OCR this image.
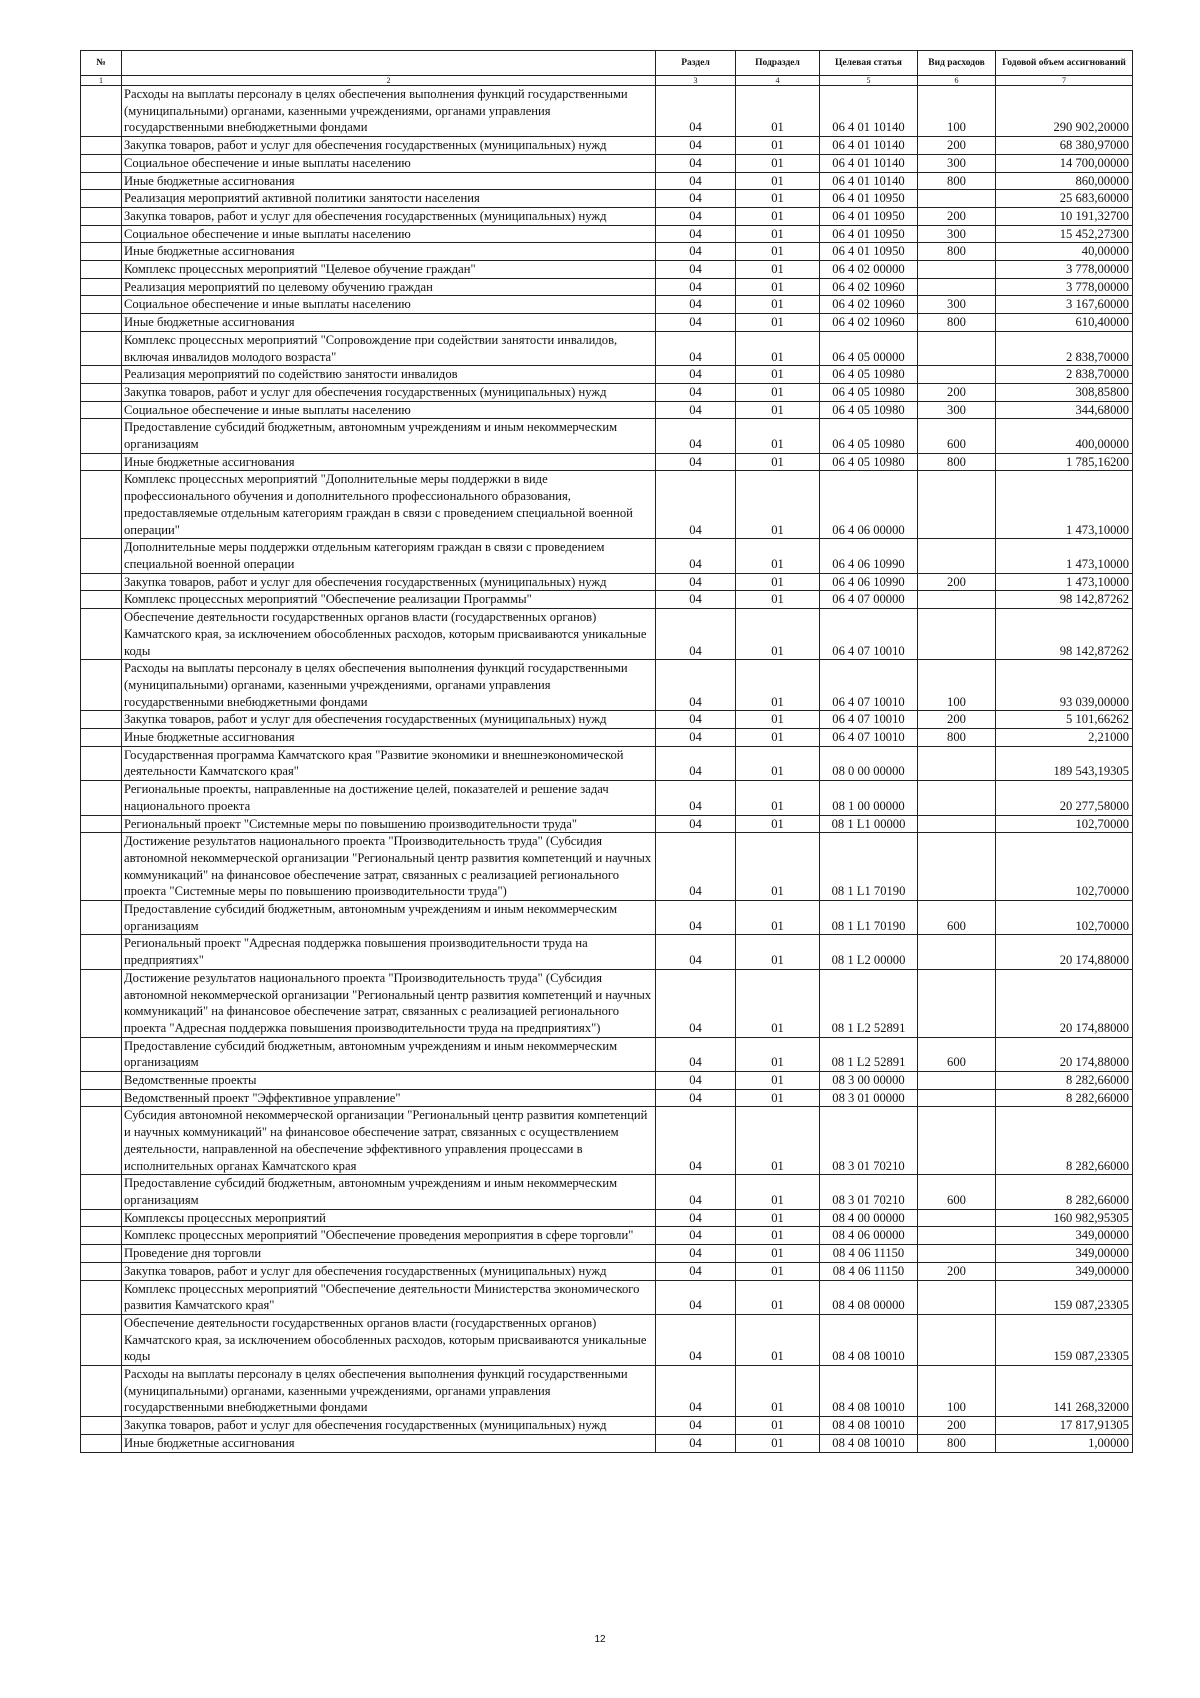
№		Раздел	Подраздел	Целевая статья	Вид расходов	Годовой объем ассигнований
1	2	3	4	5	6	7
	Расходы на выплаты персоналу в целях обеспечения выполнения функций государственными (муниципальными) органами, казенными учреждениями, органами управления государственными внебюджетными фондами	04	01	06 4 01 10140	100	290 902,20000
	Закупка товаров, работ и услуг для обеспечения государственных (муниципальных) нужд	04	01	06 4 01 10140	200	68 380,97000
	Социальное обеспечение и иные выплаты населению	04	01	06 4 01 10140	300	14 700,00000
	Иные бюджетные ассигнования	04	01	06 4 01 10140	800	860,00000
	Реализация мероприятий активной политики занятости населения	04	01	06 4 01 10950		25 683,60000
	Закупка товаров, работ и услуг для обеспечения государственных (муниципальных) нужд	04	01	06 4 01 10950	200	10 191,32700
	Социальное обеспечение и иные выплаты населению	04	01	06 4 01 10950	300	15 452,27300
	Иные бюджетные ассигнования	04	01	06 4 01 10950	800	40,00000
	Комплекс процессных мероприятий "Целевое обучение граждан"	04	01	06 4 02 00000		3 778,00000
	Реализация мероприятий по целевому обучению граждан	04	01	06 4 02 10960		3 778,00000
	Социальное обеспечение и иные выплаты населению	04	01	06 4 02 10960	300	3 167,60000
	Иные бюджетные ассигнования	04	01	06 4 02 10960	800	610,40000
	Комплекс процессных мероприятий "Сопровождение при содействии занятости инвалидов, включая инвалидов молодого возраста"	04	01	06 4 05 00000		2 838,70000
	Реализация мероприятий по содействию занятости инвалидов	04	01	06 4 05 10980		2 838,70000
	Закупка товаров, работ и услуг для обеспечения государственных (муниципальных) нужд	04	01	06 4 05 10980	200	308,85800
	Социальное обеспечение и иные выплаты населению	04	01	06 4 05 10980	300	344,68000
	Предоставление субсидий бюджетным, автономным учреждениям и иным некоммерческим организациям	04	01	06 4 05 10980	600	400,00000
	Иные бюджетные ассигнования	04	01	06 4 05 10980	800	1 785,16200
	Комплекс процессных мероприятий "Дополнительные меры поддержки в виде профессионального обучения и дополнительного профессионального образования, предоставляемые отдельным категориям граждан в связи с проведением специальной военной операции"	04	01	06 4 06 00000		1 473,10000
	Дополнительные меры поддержки отдельным категориям граждан в связи с проведением специальной военной операции	04	01	06 4 06 10990		1 473,10000
	Закупка товаров, работ и услуг для обеспечения государственных (муниципальных) нужд	04	01	06 4 06 10990	200	1 473,10000
	Комплекс процессных мероприятий "Обеспечение реализации Программы"	04	01	06 4 07 00000		98 142,87262
	Обеспечение деятельности государственных органов власти (государственных органов) Камчатского края, за исключением обособленных расходов, которым присваиваются уникальные коды	04	01	06 4 07 10010		98 142,87262
	Расходы на выплаты персоналу в целях обеспечения выполнения функций государственными (муниципальными) органами, казенными учреждениями, органами управления государственными внебюджетными фондами	04	01	06 4 07 10010	100	93 039,00000
	Закупка товаров, работ и услуг для обеспечения государственных (муниципальных) нужд	04	01	06 4 07 10010	200	5 101,66262
	Иные бюджетные ассигнования	04	01	06 4 07 10010	800	2,21000
	Государственная программа Камчатского края "Развитие экономики и внешнеэкономической деятельности Камчатского края"	04	01	08 0 00 00000		189 543,19305
	Региональные проекты, направленные на достижение целей, показателей и решение задач национального проекта	04	01	08 1 00 00000		20 277,58000
	Региональный проект "Системные меры по повышению производительности труда"	04	01	08 1 L1 00000		102,70000
	Достижение результатов национального проекта "Производительность труда" (Субсидия автономной некоммерческой организации "Региональный центр развития компетенций и научных коммуникаций" на финансовое обеспечение затрат, связанных с реализацией регионального проекта "Системные меры по повышению производительности труда")	04	01	08 1 L1 70190		102,70000
	Предоставление субсидий бюджетным, автономным учреждениям и иным некоммерческим организациям	04	01	08 1 L1 70190	600	102,70000
	Региональный проект "Адресная поддержка повышения производительности труда на предприятиях"	04	01	08 1 L2 00000		20 174,88000
	Достижение результатов национального проекта "Производительность труда" (Субсидия автономной некоммерческой организации "Региональный центр развития компетенций и научных коммуникаций" на финансовое обеспечение затрат, связанных с реализацией регионального проекта "Адресная поддержка повышения производительности труда на предприятиях")	04	01	08 1 L2 52891		20 174,88000
	Предоставление субсидий бюджетным, автономным учреждениям и иным некоммерческим организациям	04	01	08 1 L2 52891	600	20 174,88000
	Ведомственные проекты	04	01	08 3 00 00000		8 282,66000
	Ведомственный проект "Эффективное управление"	04	01	08 3 01 00000		8 282,66000
	Субсидия автономной некоммерческой организации "Региональный центр развития компетенций и научных коммуникаций" на финансовое обеспечение затрат, связанных с осуществлением деятельности, направленной на обеспечение эффективного управления процессами в исполнительных органах Камчатского края	04	01	08 3 01 70210		8 282,66000
	Предоставление субсидий бюджетным, автономным учреждениям и иным некоммерческим организациям	04	01	08 3 01 70210	600	8 282,66000
	Комплексы процессных мероприятий	04	01	08 4 00 00000		160 982,95305
	Комплекс процессных мероприятий "Обеспечение проведения мероприятия в сфере торговли"	04	01	08 4 06 00000		349,00000
	Проведение дня торговли	04	01	08 4 06 11150		349,00000
	Закупка товаров, работ и услуг для обеспечения государственных (муниципальных) нужд	04	01	08 4 06 11150	200	349,00000
	Комплекс процессных мероприятий "Обеспечение деятельности Министерства экономического развития Камчатского края"	04	01	08 4 08 00000		159 087,23305
	Обеспечение деятельности государственных органов власти (государственных органов) Камчатского края, за исключением обособленных расходов, которым присваиваются уникальные коды	04	01	08 4 08 10010		159 087,23305
	Расходы на выплаты персоналу в целях обеспечения выполнения функций государственными (муниципальными) органами, казенными учреждениями, органами управления государственными внебюджетными фондами	04	01	08 4 08 10010	100	141 268,32000
	Закупка товаров, работ и услуг для обеспечения государственных (муниципальных) нужд	04	01	08 4 08 10010	200	17 817,91305
	Иные бюджетные ассигнования	04	01	08 4 08 10010	800	1,00000
12
